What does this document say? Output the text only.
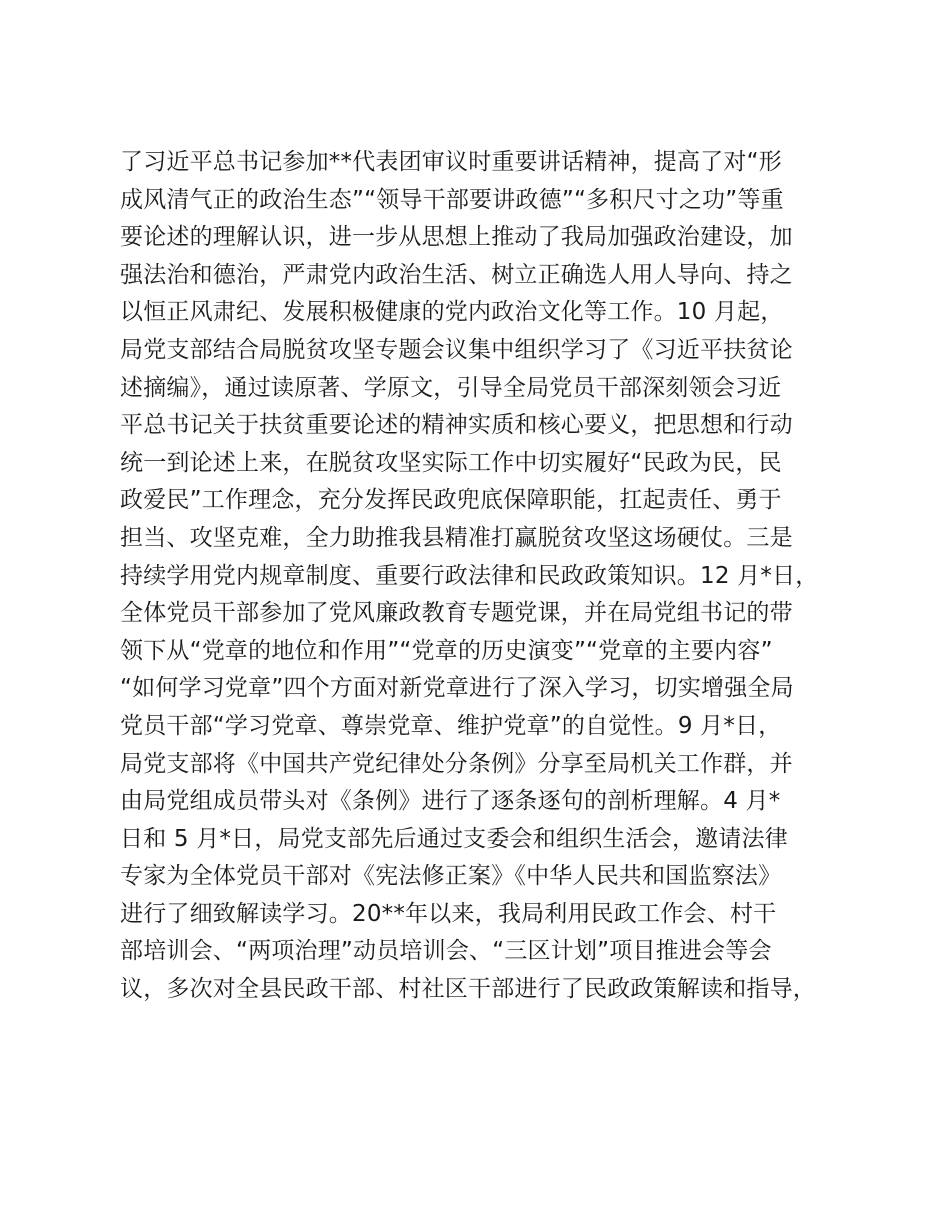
了习近平总书记参加**代表团审议时重要讲话精神，提高了对“形
成风清气正的政治生态”“领导干部要讲政德”“多积尺寸之功”等重
要论述的理解认识，进一步从思想上推动了我局加强政治建设，加
强法治和德治，严肃党内政治生活、树立正确选人用人导向、持之
以恒正风肃纪、发展积极健康的党内政治文化等工作。10 月起，
局党支部结合局脱贫攻坚专题会议集中组织学习了《习近平扶贫论
述摘编》，通过读原著、学原文，引导全局党员干部深刻领会习近
平总书记关于扶贫重要论述的精神实质和核心要义，把思想和行动
统一到论述上来，在脱贫攻坚实际工作中切实履好“民政为民，民
政爱民”工作理念，充分发挥民政兜底保障职能，扛起责任、勇于
担当、攻坚克难，全力助推我县精准打赢脱贫攻坚这场硬仗。三是
持续学用党内规章制度、重要行政法律和民政政策知识。12 月*日，
全体党员干部参加了党风廉政教育专题党课，并在局党组书记的带
领下从“党章的地位和作用”“党章的历史演变”“党章的主要内容”
“如何学习党章”四个方面对新党章进行了深入学习，切实增强全局
党员干部“学习党章、尊崇党章、维护党章”的自觉性。9 月*日，
局党支部将《中国共产党纪律处分条例》分享至局机关工作群，并
由局党组成员带头对《条例》进行了逐条逐句的剖析理解。4 月*
日和 5 月*日，局党支部先后通过支委会和组织生活会，邀请法律
专家为全体党员干部对《宪法修正案》《中华人民共和国监察法》
进行了细致解读学习。20**年以来，我局利用民政工作会、村干
部培训会、“两项治理”动员培训会、“三区计划”项目推进会等会
议，多次对全县民政干部、村社区干部进行了民政政策解读和指导，
